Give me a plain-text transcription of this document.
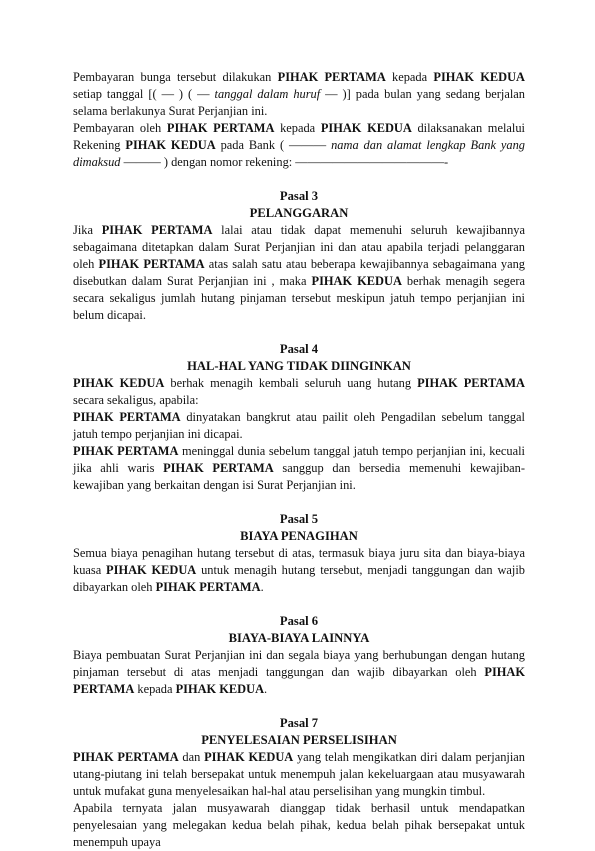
Pembayaran bunga tersebut dilakukan PIHAK PERTAMA kepada PIHAK KEDUA setiap tanggal [( — ) ( — tanggal dalam huruf — )] pada bulan yang sedang berjalan selama berlakunya Surat Perjanjian ini.

Pembayaran oleh PIHAK PERTAMA kepada PIHAK KEDUA dilaksanakan melalui Rekening PIHAK KEDUA pada Bank ( ——— nama dan alamat lengkap Bank yang dimaksud ——— ) dengan nomor rekening: ————————————-

Pasal 3

PELANGGARAN

Jika PIHAK PERTAMA lalai atau tidak dapat memenuhi seluruh kewajibannya sebagaimana ditetapkan dalam Surat Perjanjian ini dan atau apabila terjadi pelanggaran oleh PIHAK PERTAMA atas salah satu atau beberapa kewajibannya sebagaimana yang disebutkan dalam Surat Perjanjian ini , maka PIHAK KEDUA berhak menagih segera secara sekaligus jumlah hutang pinjaman tersebut meskipun jatuh tempo perjanjian ini belum dicapai.

Pasal 4

HAL-HAL YANG TIDAK DIINGINKAN

PIHAK KEDUA berhak menagih kembali seluruh uang hutang PIHAK PERTAMA secara sekaligus, apabila:

PIHAK PERTAMA dinyatakan bangkrut atau pailit oleh Pengadilan sebelum tanggal jatuh tempo perjanjian ini dicapai.

PIHAK PERTAMA meninggal dunia sebelum tanggal jatuh tempo perjanjian ini, kecuali jika ahli waris PIHAK PERTAMA sanggup dan bersedia memenuhi kewajiban-kewajiban yang berkaitan dengan isi Surat Perjanjian ini.

Pasal 5

BIAYA PENAGIHAN

Semua biaya penagihan hutang tersebut di atas, termasuk biaya juru sita dan biaya-biaya kuasa PIHAK KEDUA untuk menagih hutang tersebut, menjadi tanggungan dan wajib dibayarkan oleh PIHAK PERTAMA.

Pasal 6

BIAYA-BIAYA LAINNYA

Biaya pembuatan Surat Perjanjian ini dan segala biaya yang berhubungan dengan hutang pinjaman tersebut di atas menjadi tanggungan dan wajib dibayarkan oleh PIHAK PERTAMA kepada PIHAK KEDUA.

Pasal 7

PENYELESAIAN PERSELISIHAN

PIHAK PERTAMA dan PIHAK KEDUA yang telah mengikatkan diri dalam perjanjian utang-piutang ini telah bersepakat untuk menempuh jalan kekeluargaan atau musyawarah untuk mufakat guna menyelesaikan hal-hal atau perselisihan yang mungkin timbul.

Apabila ternyata jalan musyawarah dianggap tidak berhasil untuk mendapatkan penyelesaian yang melegakan kedua belah pihak, kedua belah pihak bersepakat untuk menempuh upaya
